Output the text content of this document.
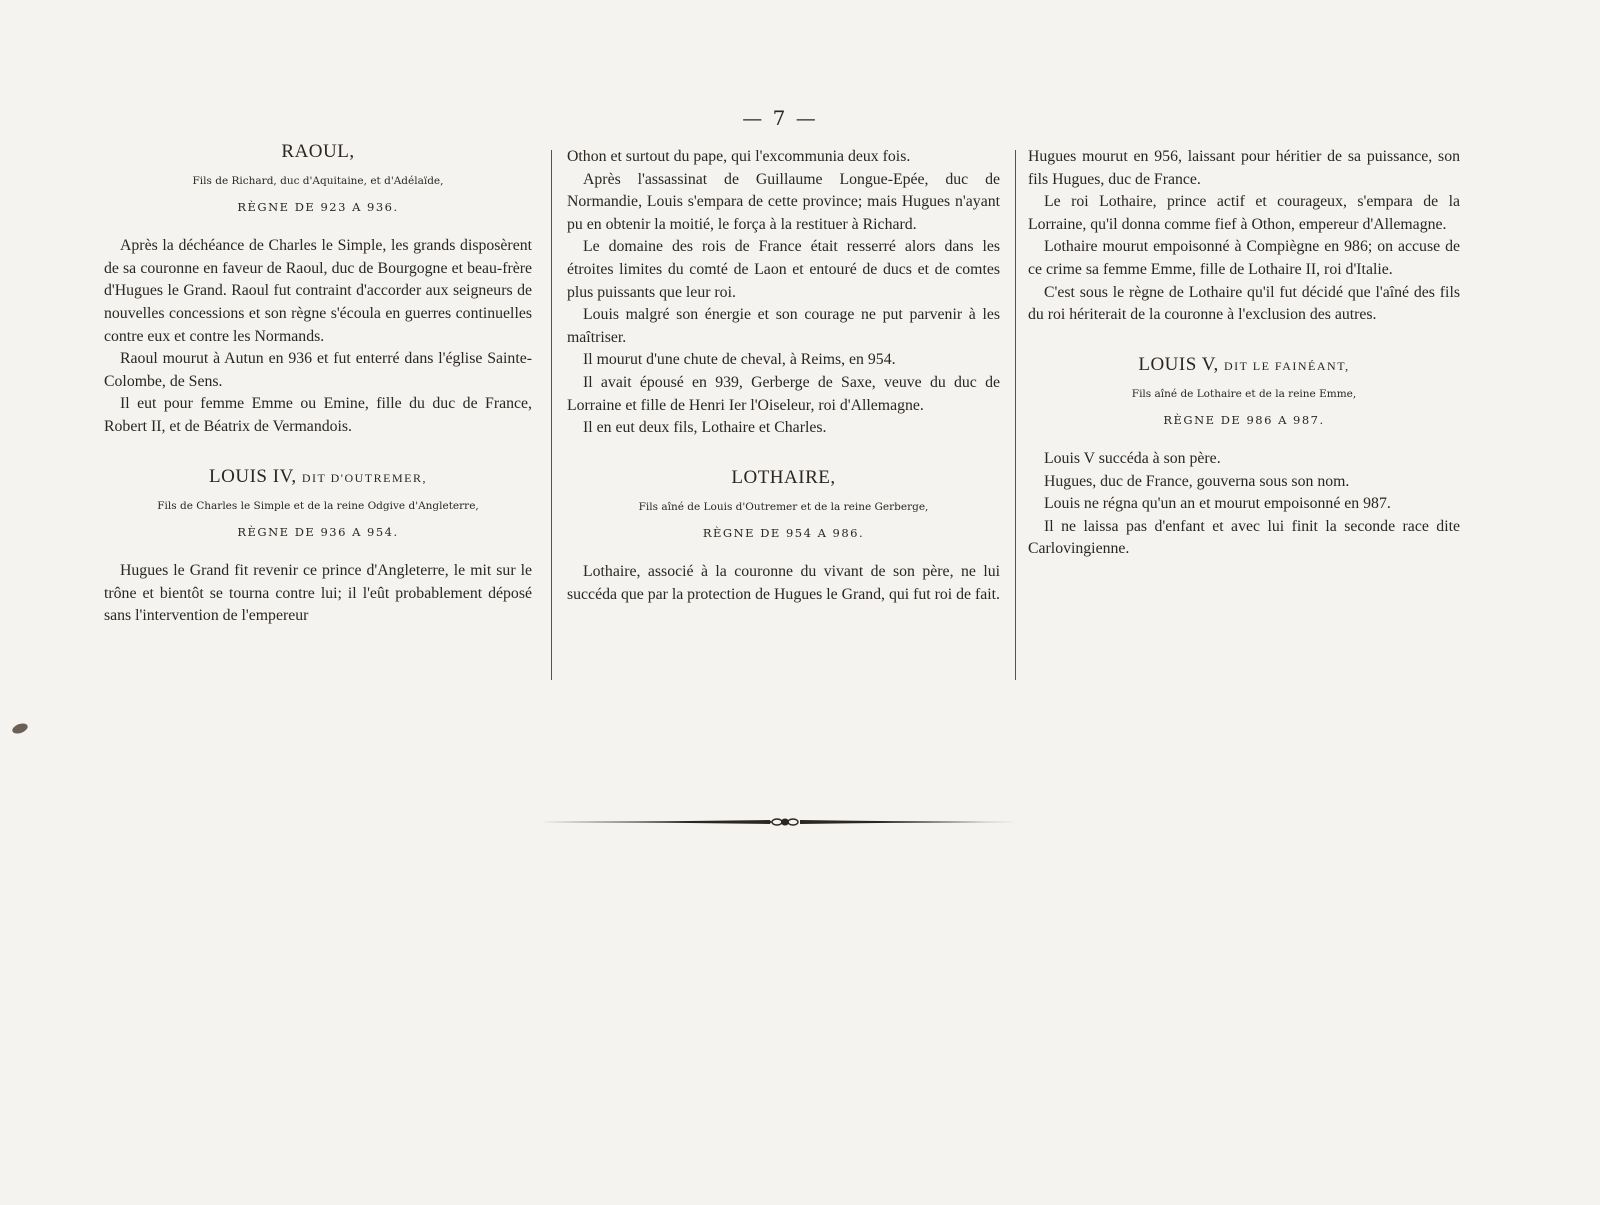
— 7 —
RAOUL,
Fils de Richard, duc d'Aquitaine, et d'Adélaïde,
RÈGNE DE 923 A 936.

Après la déchéance de Charles le Simple, les grands disposèrent de sa couronne en faveur de Raoul, duc de Bourgogne et beau-frère d'Hugues le Grand. Raoul fut contraint d'accorder aux seigneurs de nouvelles concessions et son règne s'écoula en guerres continuelles contre eux et contre les Normands.

Raoul mourut à Autun en 936 et fut enterré dans l'église Sainte-Colombe, de Sens.

Il eut pour femme Emme ou Emine, fille du duc de France, Robert II, et de Béatrix de Vermandois.

LOUIS IV, DIT D'OUTREMER,
Fils de Charles le Simple et de la reine Odgive d'Angleterre,
RÈGNE DE 936 A 954.

Hugues le Grand fit revenir ce prince d'Angleterre, le mit sur le trône et bientôt se tourna contre lui; il l'eût probablement déposé sans l'intervention de l'empereur

Othon et surtout du pape, qui l'excommunia deux fois.

Après l'assassinat de Guillaume Longue-Epée, duc de Normandie, Louis s'empara de cette province; mais Hugues n'ayant pu en obtenir la moitié, le força à la restituer à Richard.

Le domaine des rois de France était resserré alors dans les étroites limites du comté de Laon et entouré de ducs et de comtes plus puissants que leur roi.

Louis malgré son énergie et son courage ne put parvenir à les maîtriser.

Il mourut d'une chute de cheval, à Reims, en 954.

Il avait épousé en 939, Gerberge de Saxe, veuve du duc de Lorraine et fille de Henri Ier l'Oiseleur, roi d'Allemagne.

Il en eut deux fils, Lothaire et Charles.

LOTHAIRE,
Fils aîné de Louis d'Outremer et de la reine Gerberge,
RÈGNE DE 954 A 986.

Lothaire, associé à la couronne du vivant de son père, ne lui succéda que par la protection de Hugues le Grand, qui fut roi de fait.

Hugues mourut en 956, laissant pour héritier de sa puissance, son fils Hugues, duc de France.

Le roi Lothaire, prince actif et courageux, s'empara de la Lorraine, qu'il donna comme fief à Othon, empereur d'Allemagne.

Lothaire mourut empoisonné à Compiègne en 986; on accuse de ce crime sa femme Emme, fille de Lothaire II, roi d'Italie.

C'est sous le règne de Lothaire qu'il fut décidé que l'aîné des fils du roi hériterait de la couronne à l'exclusion des autres.

LOUIS V, DIT LE FAINÉANT,
Fils aîné de Lothaire et de la reine Emme,
RÈGNE DE 986 A 987.

Louis V succéda à son père.

Hugues, duc de France, gouverna sous son nom.

Louis ne régna qu'un an et mourut empoisonné en 987.

Il ne laissa pas d'enfant et avec lui finit la seconde race dite Carlovingienne.
